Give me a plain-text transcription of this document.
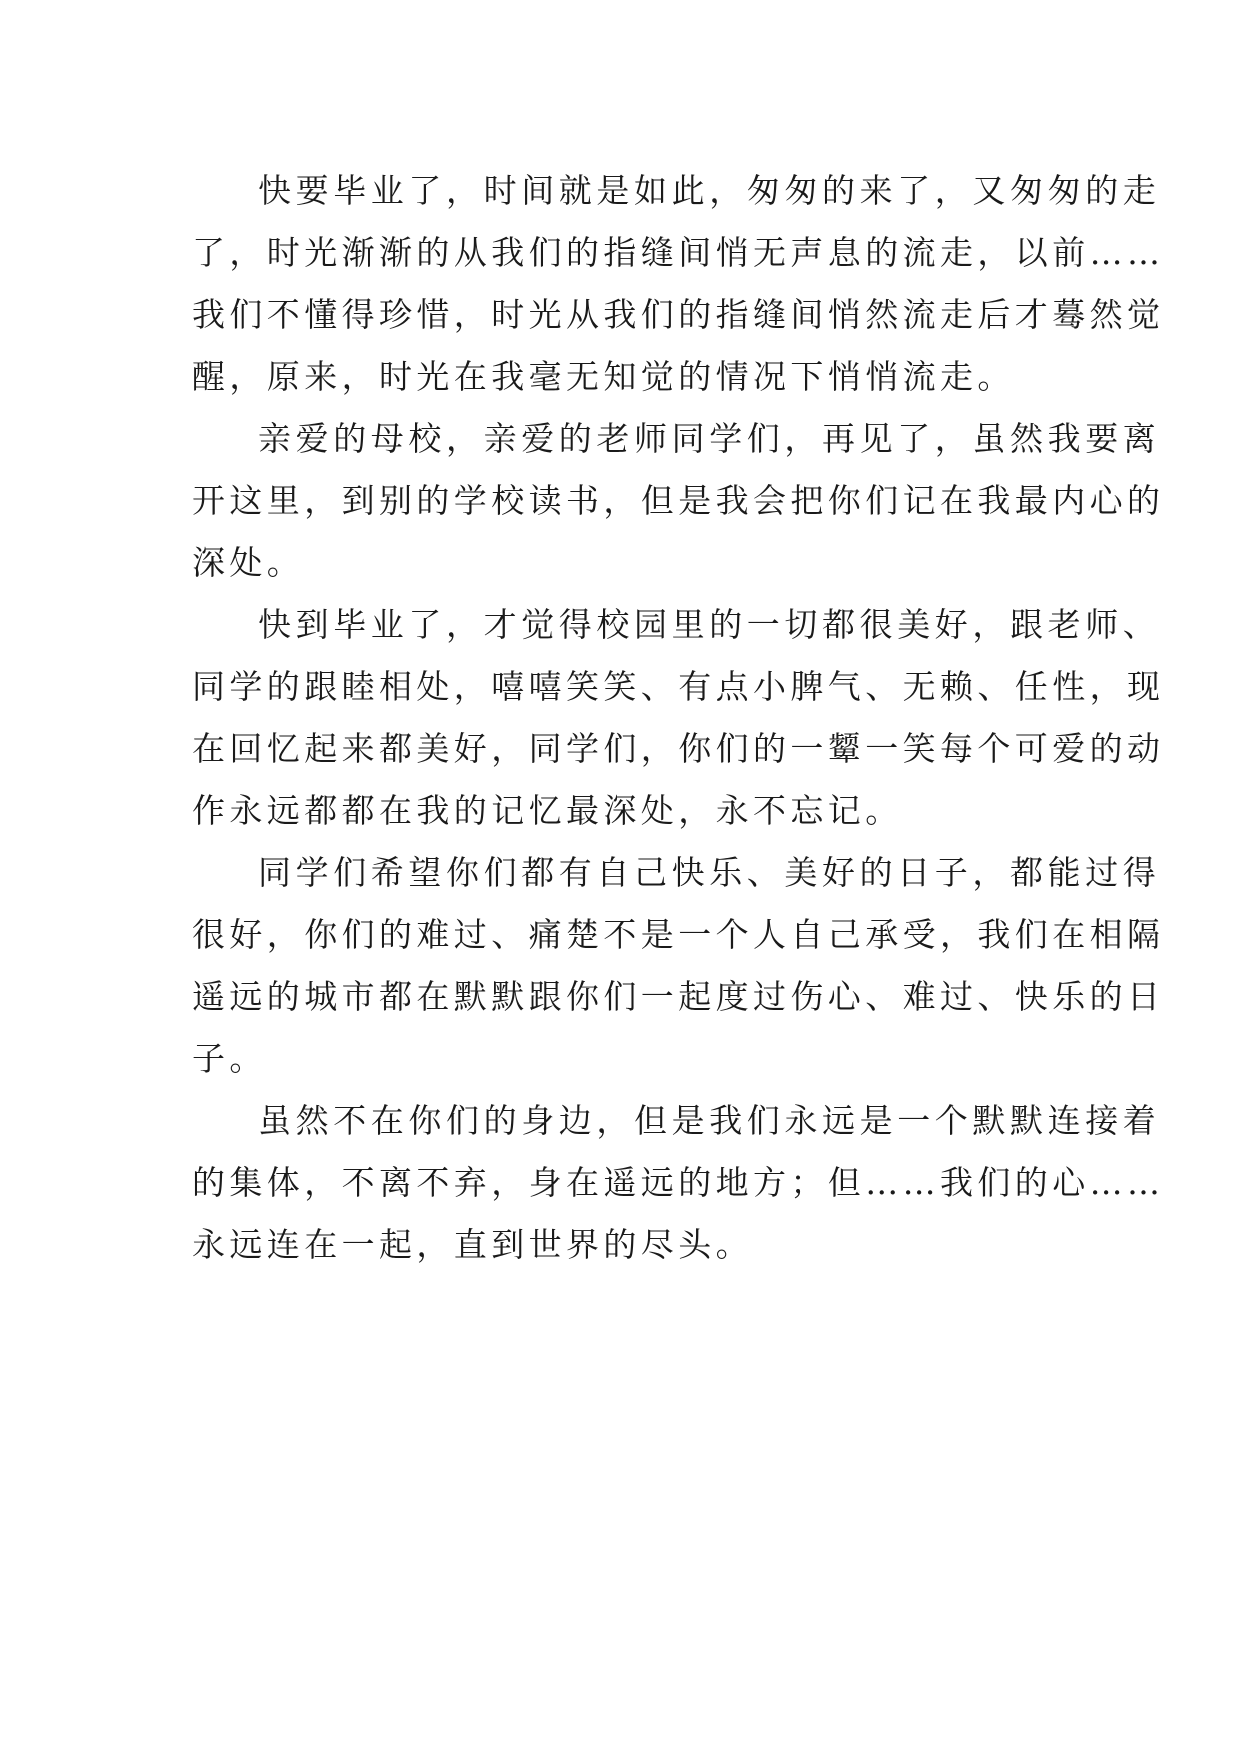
快要毕业了，时间就是如此，匆匆的来了，又匆匆的走
了，时光渐渐的从我们的指缝间悄无声息的流走，以前……
我们不懂得珍惜，时光从我们的指缝间悄然流走后才蓦然觉
醒，原来，时光在我毫无知觉的情况下悄悄流走。
亲爱的母校，亲爱的老师同学们，再见了，虽然我要离
开这里，到别的学校读书，但是我会把你们记在我最内心的
深处。
快到毕业了，才觉得校园里的一切都很美好，跟老师、
同学的跟睦相处，嘻嘻笑笑、有点小脾气、无赖、任性，现
在回忆起来都美好，同学们，你们的一颦一笑每个可爱的动
作永远都都在我的记忆最深处，永不忘记。
同学们希望你们都有自己快乐、美好的日子，都能过得
很好，你们的难过、痛楚不是一个人自己承受，我们在相隔
遥远的城市都在默默跟你们一起度过伤心、难过、快乐的日
子。
虽然不在你们的身边，但是我们永远是一个默默连接着
的集体，不离不弃，身在遥远的地方；但……我们的心……
永远连在一起，直到世界的尽头。
